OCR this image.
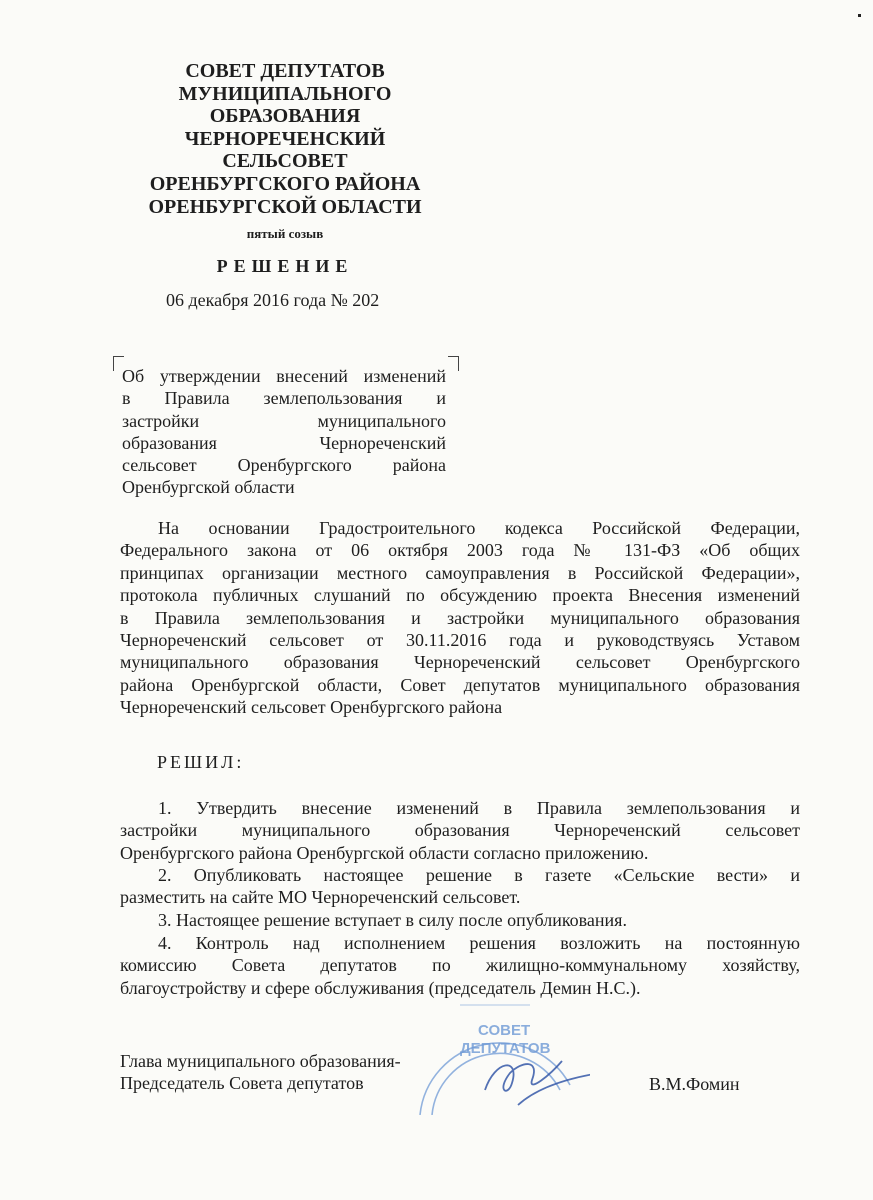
СОВЕТ ДЕПУТАТОВ
МУНИЦИПАЛЬНОГО
ОБРАЗОВАНИЯ
ЧЕРНОРЕЧЕНСКИЙ
СЕЛЬСОВЕТ
ОРЕНБУРГСКОГО РАЙОНА
ОРЕНБУРГСКОЙ ОБЛАСТИ
пятый созыв
РЕШЕНИЕ
06 декабря 2016 года № 202
Об утверждении внесений изменений
в Правила землепользования и
застройки муниципального
образования Чернореченский
сельсовет Оренбургского района
Оренбургской области
На основании Градостроительного кодекса Российской Федерации,
Федерального закона от 06 октября 2003 года № 131-ФЗ «Об общих
принципах организации местного самоуправления в Российской Федерации»,
протокола публичных слушаний по обсуждению проекта Внесения изменений
в Правила землепользования и застройки муниципального образования
Чернореченский сельсовет от 30.11.2016 года и руководствуясь Уставом
муниципального образования Чернореченский сельсовет Оренбургского
района Оренбургской области, Совет депутатов муниципального образования
Чернореченский сельсовет Оренбургского района
РЕШИЛ:
1. Утвердить внесение изменений в Правила землепользования и
застройки муниципального образования Чернореченский сельсовет
Оренбургского района Оренбургской области согласно приложению.
2. Опубликовать настоящее решение в газете «Сельские вести» и
разместить на сайте МО Чернореченский сельсовет.
3. Настоящее решение вступает в силу после опубликования.
4. Контроль над исполнением решения возложить на постоянную
комиссию Совета депутатов по жилищно-коммунальному хозяйству,
благоустройству и сфере обслуживания (председатель Демин Н.С.).
СОВЕТ
ДЕПУТАТОВ
Глава муниципального образования-
Председатель Совета депутатов	В.М.Фомин
